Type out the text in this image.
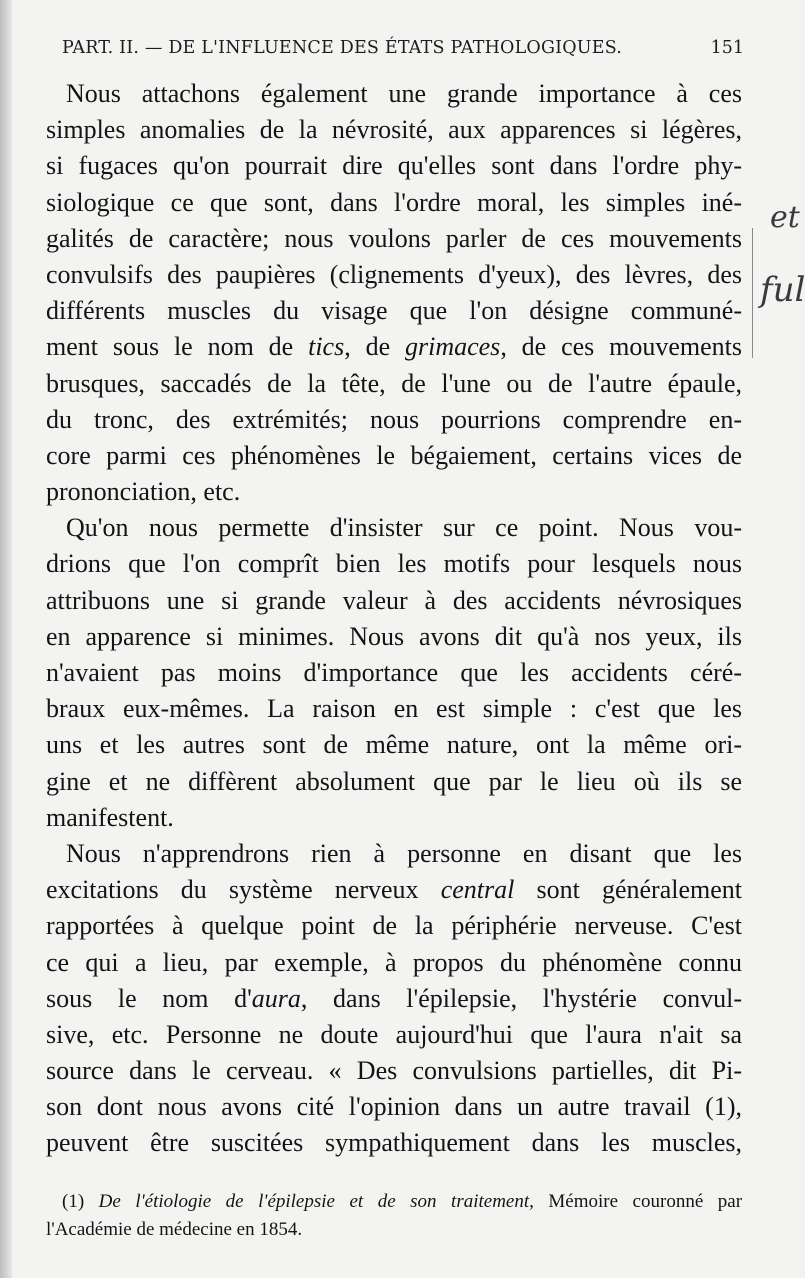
PART. II. — DE L'INFLUENCE DES ÉTATS PATHOLOGIQUES.	151
Nous attachons également une grande importance à ces
simples anomalies de la névrosité, aux apparences si légères,
si fugaces qu'on pourrait dire qu'elles sont dans l'ordre phy-
siologique ce que sont, dans l'ordre moral, les simples iné-
galités de caractère; nous voulons parler de ces mouvements
convulsifs des paupières (clignements d'yeux), des lèvres, des
différents muscles du visage que l'on désigne communé-
ment sous le nom de tics, de grimaces, de ces mouvements
brusques, saccadés de la tête, de l'une ou de l'autre épaule,
du tronc, des extrémités; nous pourrions comprendre en-
core parmi ces phénomènes le bégaiement, certains vices de
prononciation, etc.
Qu'on nous permette d'insister sur ce point. Nous vou-
drions que l'on comprît bien les motifs pour lesquels nous
attribuons une si grande valeur à des accidents névrosiques
en apparence si minimes. Nous avons dit qu'à nos yeux, ils
n'avaient pas moins d'importance que les accidents céré-
braux eux-mêmes. La raison en est simple : c'est que les
uns et les autres sont de même nature, ont la même ori-
gine et ne diffèrent absolument que par le lieu où ils se
manifestent.
Nous n'apprendrons rien à personne en disant que les
excitations du système nerveux central sont généralement
rapportées à quelque point de la périphérie nerveuse. C'est
ce qui a lieu, par exemple, à propos du phénomène connu
sous le nom d'aura, dans l'épilepsie, l'hystérie convul-
sive, etc. Personne ne doute aujourd'hui que l'aura n'ait sa
source dans le cerveau. « Des convulsions partielles, dit Pi-
son dont nous avons cité l'opinion dans un autre travail (1),
peuvent être suscitées sympathiquement dans les muscles,
(1) De l'étiologie de l'épilepsie et de son traitement, Mémoire couronné par
l'Académie de médecine en 1854.
et
ful
